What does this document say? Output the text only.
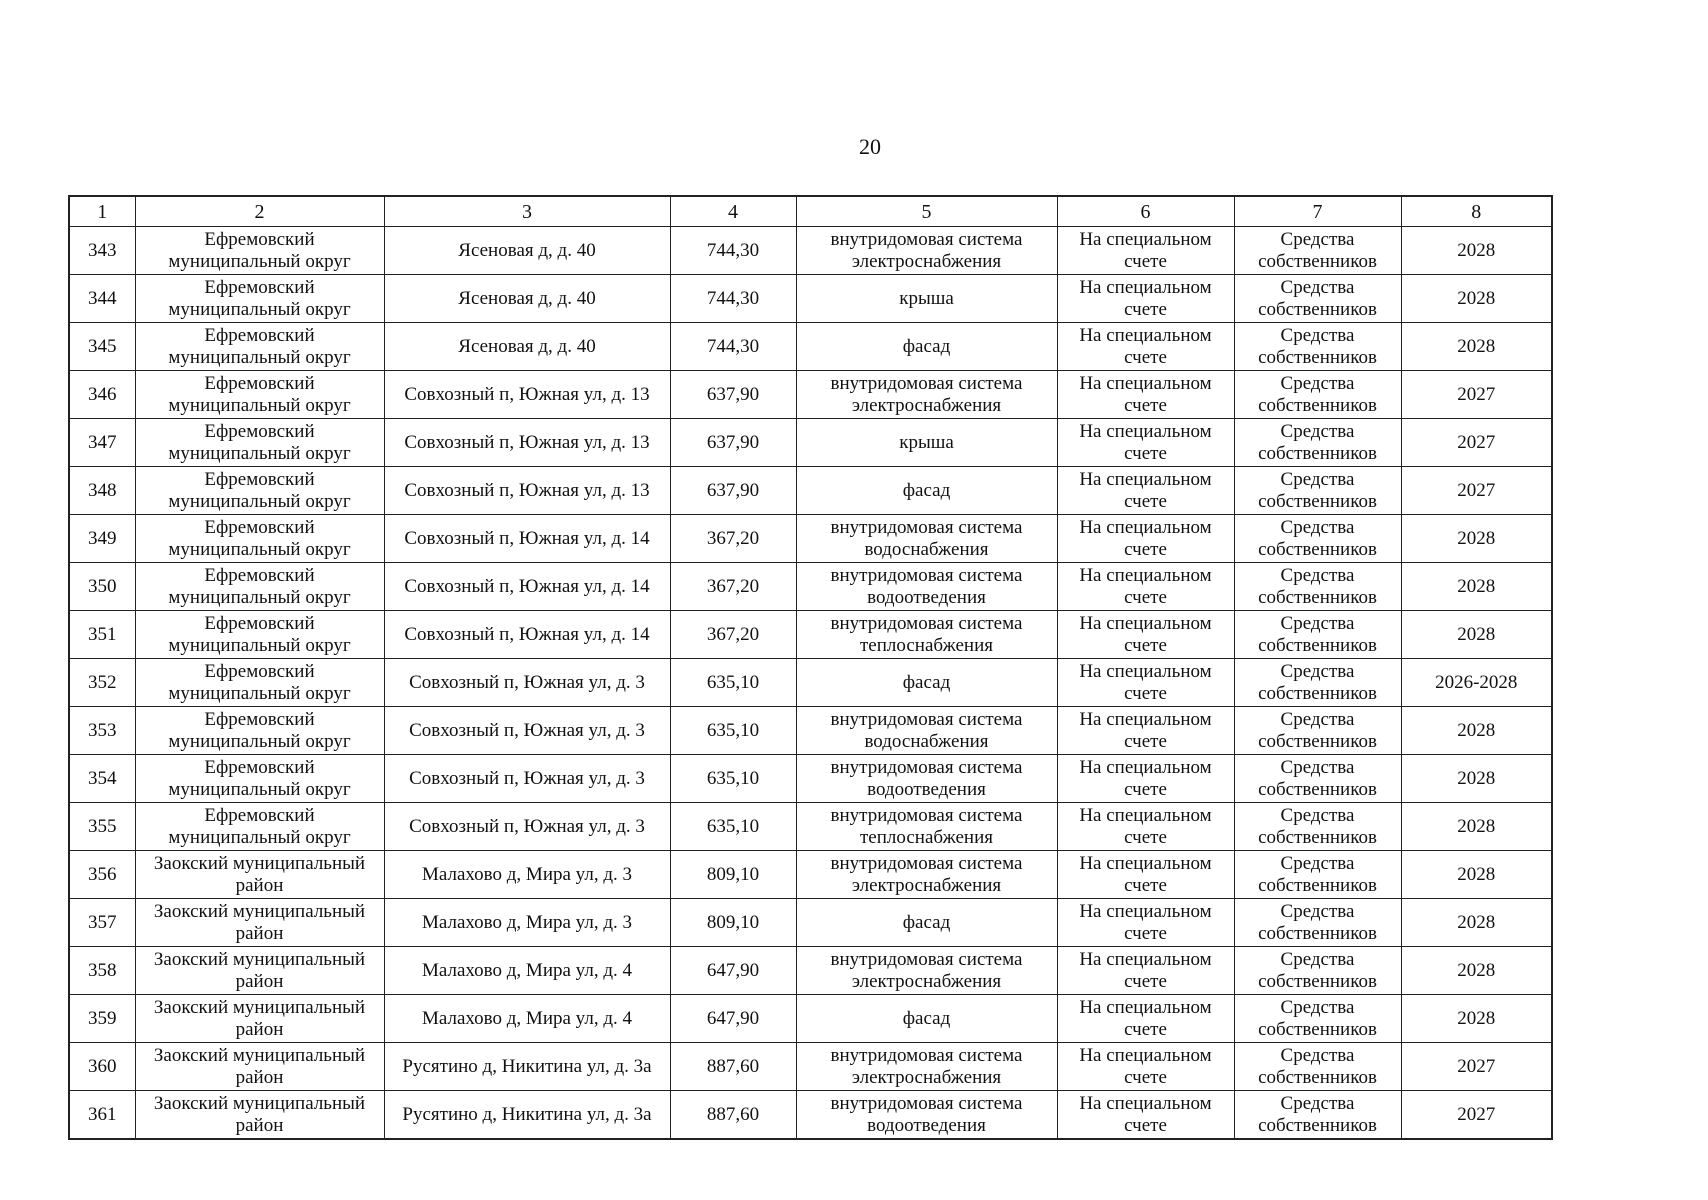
20
1	2	3	4	5	6	7	8
343	Ефремовский муниципальный округ	Ясеновая д, д. 40	744,30	внутридомовая система электроснабжения	На специальном счете	Средства собственников	2028
344	Ефремовский муниципальный округ	Ясеновая д, д. 40	744,30	крыша	На специальном счете	Средства собственников	2028
345	Ефремовский муниципальный округ	Ясеновая д, д. 40	744,30	фасад	На специальном счете	Средства собственников	2028
346	Ефремовский муниципальный округ	Совхозный п, Южная ул, д. 13	637,90	внутридомовая система электроснабжения	На специальном счете	Средства собственников	2027
347	Ефремовский муниципальный округ	Совхозный п, Южная ул, д. 13	637,90	крыша	На специальном счете	Средства собственников	2027
348	Ефремовский муниципальный округ	Совхозный п, Южная ул, д. 13	637,90	фасад	На специальном счете	Средства собственников	2027
349	Ефремовский муниципальный округ	Совхозный п, Южная ул, д. 14	367,20	внутридомовая система водоснабжения	На специальном счете	Средства собственников	2028
350	Ефремовский муниципальный округ	Совхозный п, Южная ул, д. 14	367,20	внутридомовая система водоотведения	На специальном счете	Средства собственников	2028
351	Ефремовский муниципальный округ	Совхозный п, Южная ул, д. 14	367,20	внутридомовая система теплоснабжения	На специальном счете	Средства собственников	2028
352	Ефремовский муниципальный округ	Совхозный п, Южная ул, д. 3	635,10	фасад	На специальном счете	Средства собственников	2026-2028
353	Ефремовский муниципальный округ	Совхозный п, Южная ул, д. 3	635,10	внутридомовая система водоснабжения	На специальном счете	Средства собственников	2028
354	Ефремовский муниципальный округ	Совхозный п, Южная ул, д. 3	635,10	внутридомовая система водоотведения	На специальном счете	Средства собственников	2028
355	Ефремовский муниципальный округ	Совхозный п, Южная ул, д. 3	635,10	внутридомовая система теплоснабжения	На специальном счете	Средства собственников	2028
356	Заокский муниципальный район	Малахово д, Мира ул, д. 3	809,10	внутридомовая система электроснабжения	На специальном счете	Средства собственников	2028
357	Заокский муниципальный район	Малахово д, Мира ул, д. 3	809,10	фасад	На специальном счете	Средства собственников	2028
358	Заокский муниципальный район	Малахово д, Мира ул, д. 4	647,90	внутридомовая система электроснабжения	На специальном счете	Средства собственников	2028
359	Заокский муниципальный район	Малахово д, Мира ул, д. 4	647,90	фасад	На специальном счете	Средства собственников	2028
360	Заокский муниципальный район	Русятино д, Никитина ул, д. 3а	887,60	внутридомовая система электроснабжения	На специальном счете	Средства собственников	2027
361	Заокский муниципальный район	Русятино д, Никитина ул, д. 3а	887,60	внутридомовая система водоотведения	На специальном счете	Средства собственников	2027
